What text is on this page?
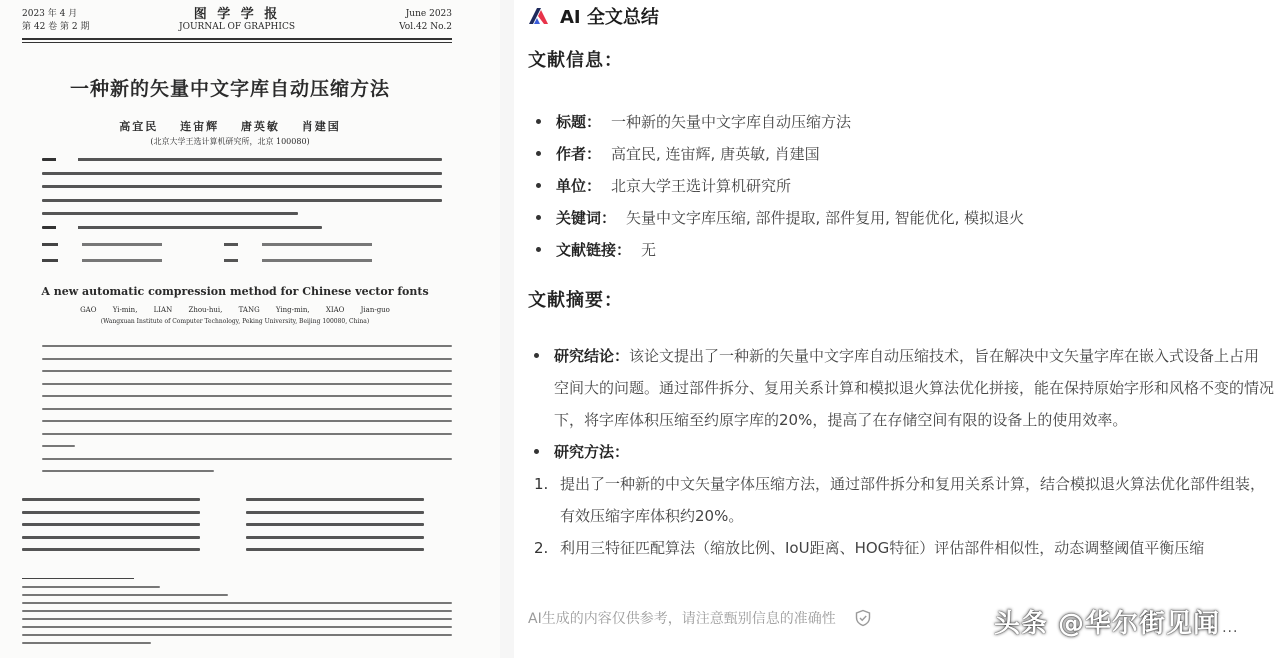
2023 年 4 月
第 42 卷 第 2 期
图 学 学 报
JOURNAL OF GRAPHICS
June 2023
Vol.42 No.2
一种新的矢量中文字库自动压缩方法
高宜民 连宙辉 唐英敏 肖建国
(北京大学王选计算机研究所，北京 100080)
A new automatic compression method for Chinese vector fonts
GAO Yi-min, LIAN Zhou-hui, TANG Ying-min, XIAO Jian-guo
(Wangxuan Institute of Computer Technology, Peking University, Beijing 100080, China)
AI 全文总结
文献信息：
标题： 一种新的矢量中文字库自动压缩方法
作者： 高宜民, 连宙辉, 唐英敏, 肖建国
单位： 北京大学王选计算机研究所
关键词： 矢量中文字库压缩, 部件提取, 部件复用, 智能优化, 模拟退火
文献链接： 无
文献摘要：
研究结论：该论文提出了一种新的矢量中文字库自动压缩技术，旨在解决中文矢量字库在嵌入式设备上占用空间大的问题。通过部件拆分、复用关系计算和模拟退火算法优化拼接，能在保持原始字形和风格不变的情况下，将字库体积压缩至约原字库的20%，提高了在存储空间有限的设备上的使用效率。
研究方法：
1. 提出了一种新的中文矢量字体压缩方法，通过部件拆分和复用关系计算，结合模拟退火算法优化部件组装，有效压缩字库体积约20%。
2. 利用三特征匹配算法（缩放比例、IoU距离、HOG特征）评估部件相似性，动态调整阈值平衡压缩
AI生成的内容仅供参考，请注意甄别信息的准确性	头条 @华尔街见闻 ...
